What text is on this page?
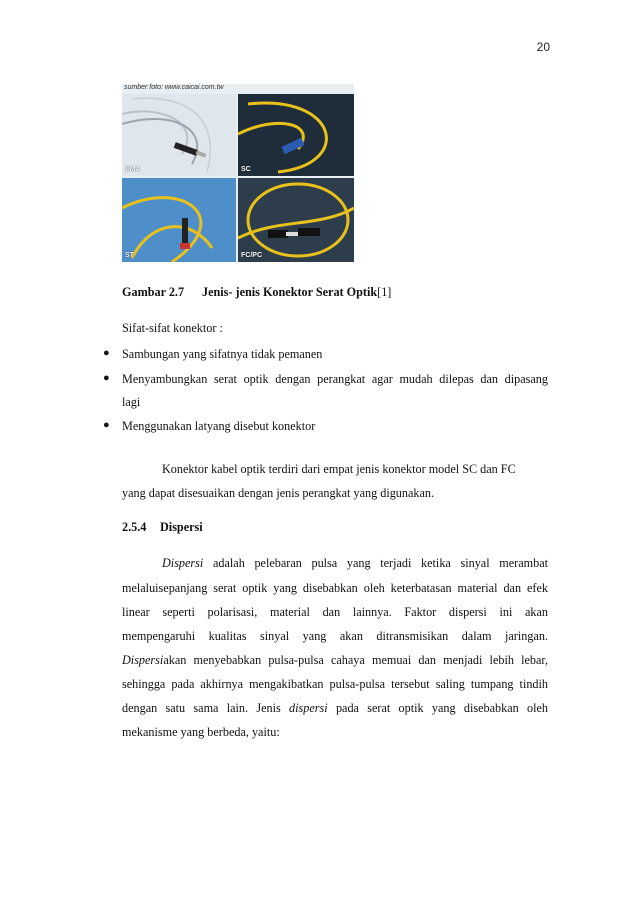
20
sumber foto: www.caicai.com.tw
SMA	SC
ST	FC/PC
Gambar 2.7 Jenis- jenis Konektor Serat Optik[1]
Sifat-sifat konektor :
● Sambungan yang sifatnya tidak pemanen
● Menyambungkan serat optik dengan perangkat agar mudah dilepas dan dipasang
lagi
● Menggunakan latyang disebut konektor
Konektor kabel optik terdiri dari empat jenis konektor model SC dan FC
yang dapat disesuaikan dengan jenis perangkat yang digunakan.
2.5.4 Dispersi
Dispersi adalah pelebaran pulsa yang terjadi ketika sinyal merambat
melaluisepanjang serat optik yang disebabkan oleh keterbatasan material dan efek
linear seperti polarisasi, material dan lainnya. Faktor dispersi ini akan
mempengaruhi kualitas sinyal yang akan ditransmisikan dalam jaringan.
Dispersiakan menyebabkan pulsa-pulsa cahaya memuai dan menjadi lebih lebar,
sehingga pada akhirnya mengakibatkan pulsa-pulsa tersebut saling tumpang tindih
dengan satu sama lain. Jenis dispersi pada serat optik yang disebabkan oleh
mekanisme yang berbeda, yaitu:
